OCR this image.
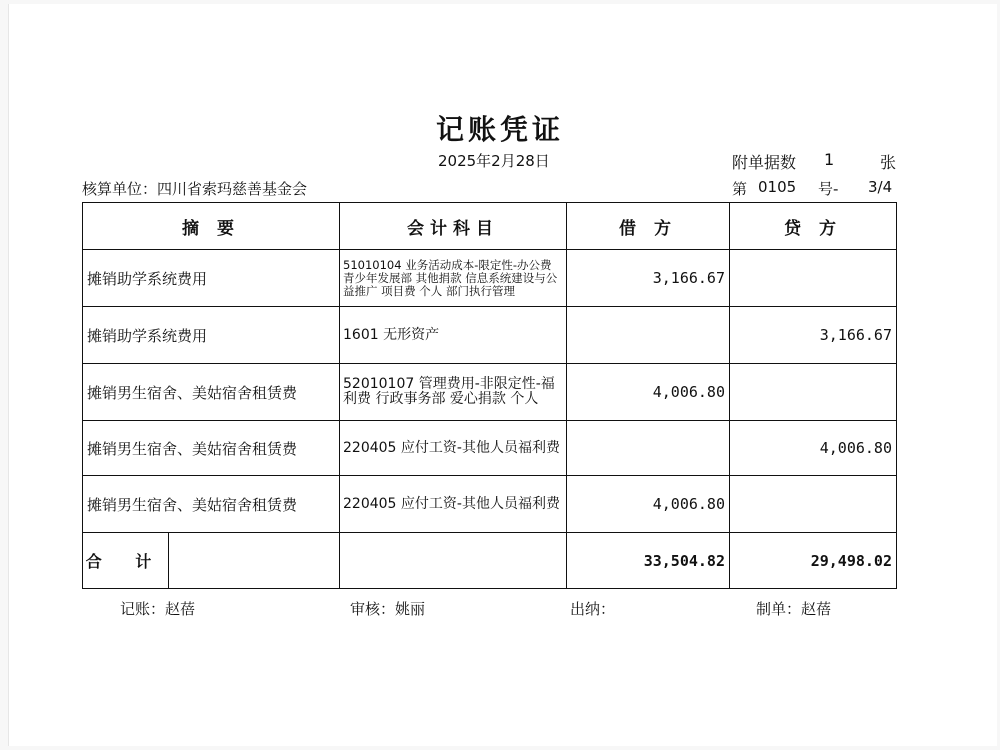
记账凭证
2025年2月28日	附单据数 1	张
核算单位：四川省索玛慈善基金会	第 0105 号- 3/4
摘 要		会计科目	借 方	贷 方
摊销助学系统费用		51010104 业务活动成本-限定性-办公费 青少年发展部 其他捐款 信息系统建设与公益推广 项目费 个人 部门执行管理	3,166.67	
摊销助学系统费用		1601 无形资产		3,166.67
摊销男生宿舍、美姑宿舍租赁费		52010107 管理费用-非限定性-福利费 行政事务部 爱心捐款 个人	4,006.80	
摊销男生宿舍、美姑宿舍租赁费		220405 应付工资-其他人员福利费		4,006.80
摊销男生宿舍、美姑宿舍租赁费		220405 应付工资-其他人员福利费	4,006.80	
合 计			33,504.82	29,498.02
记账：赵蓓	审核：姚丽	出纳：	制单：赵蓓
